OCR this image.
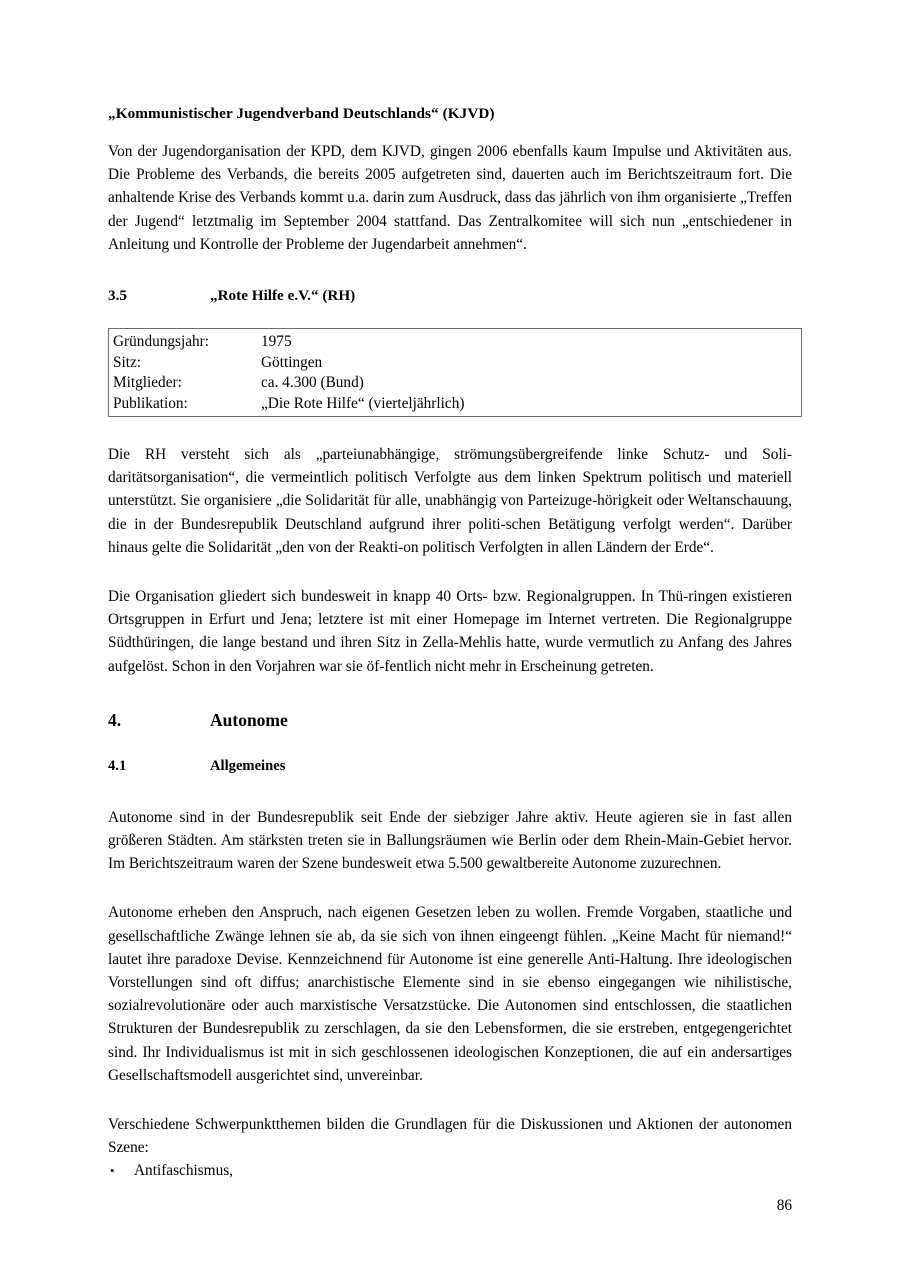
„Kommunistischer Jugendverband Deutschlands“ (KJVD)

Von der Jugendorganisation der KPD, dem KJVD, gingen 2006 ebenfalls kaum Impulse und Aktivitäten aus. Die Probleme des Verbands, die bereits 2005 aufgetreten sind, dauerten auch im Berichtszeitraum fort. Die anhaltende Krise des Verbands kommt u.a. darin zum Ausdruck, dass das jährlich von ihm organisierte „Treffen der Jugend“ letztmalig im September 2004 stattfand. Das Zentralkomitee will sich nun „entschiedener in Anleitung und Kontrolle der Probleme der Jugendarbeit annehmen“.

3.5	„Rote Hilfe e.V.“ (RH)
Gründungsjahr:	1975
Sitz:	Göttingen
Mitglieder:	ca. 4.300 (Bund)
Publikation:	„Die Rote Hilfe“ (vierteljährlich)

Die RH versteht sich als „parteiunabhängige, strömungsübergreifende linke Schutz- und Soli-daritätsorganisation“, die vermeintlich politisch Verfolgte aus dem linken Spektrum politisch und materiell unterstützt. Sie organisiere „die Solidarität für alle, unabhängig von Parteizuge-hörigkeit oder Weltanschauung, die in der Bundesrepublik Deutschland aufgrund ihrer politi-schen Betätigung verfolgt werden“. Darüber hinaus gelte die Solidarität „den von der Reakti-on politisch Verfolgten in allen Ländern der Erde“.

Die Organisation gliedert sich bundesweit in knapp 40 Orts- bzw. Regionalgruppen. In Thü-ringen existieren Ortsgruppen in Erfurt und Jena; letztere ist mit einer Homepage im Internet vertreten. Die Regionalgruppe Südthüringen, die lange bestand und ihren Sitz in Zella-Mehlis hatte, wurde vermutlich zu Anfang des Jahres aufgelöst. Schon in den Vorjahren war sie öf-fentlich nicht mehr in Erscheinung getreten.

4.	Autonome
4.1	Allgemeines

Autonome sind in der Bundesrepublik seit Ende der siebziger Jahre aktiv. Heute agieren sie in fast allen größeren Städten. Am stärksten treten sie in Ballungsräumen wie Berlin oder dem Rhein-Main-Gebiet hervor. Im Berichtszeitraum waren der Szene bundesweit etwa 5.500 gewaltbereite Autonome zuzurechnen.

Autonome erheben den Anspruch, nach eigenen Gesetzen leben zu wollen. Fremde Vorgaben, staatliche und gesellschaftliche Zwänge lehnen sie ab, da sie sich von ihnen eingeengt fühlen. „Keine Macht für niemand!“ lautet ihre paradoxe Devise. Kennzeichnend für Autonome ist eine generelle Anti-Haltung. Ihre ideologischen Vorstellungen sind oft diffus; anarchistische Elemente sind in sie ebenso eingegangen wie nihilistische, sozialrevolutionäre oder auch marxistische Versatzstücke. Die Autonomen sind entschlossen, die staatlichen Strukturen der Bundesrepublik zu zerschlagen, da sie den Lebensformen, die sie erstreben, entgegengerichtet sind. Ihr Individualismus ist mit in sich geschlossenen ideologischen Konzeptionen, die auf ein andersartiges Gesellschaftsmodell ausgerichtet sind, unvereinbar.

Verschiedene Schwerpunktthemen bilden die Grundlagen für die Diskussionen und Aktionen der autonomen Szene:

• Antifaschismus,
86
